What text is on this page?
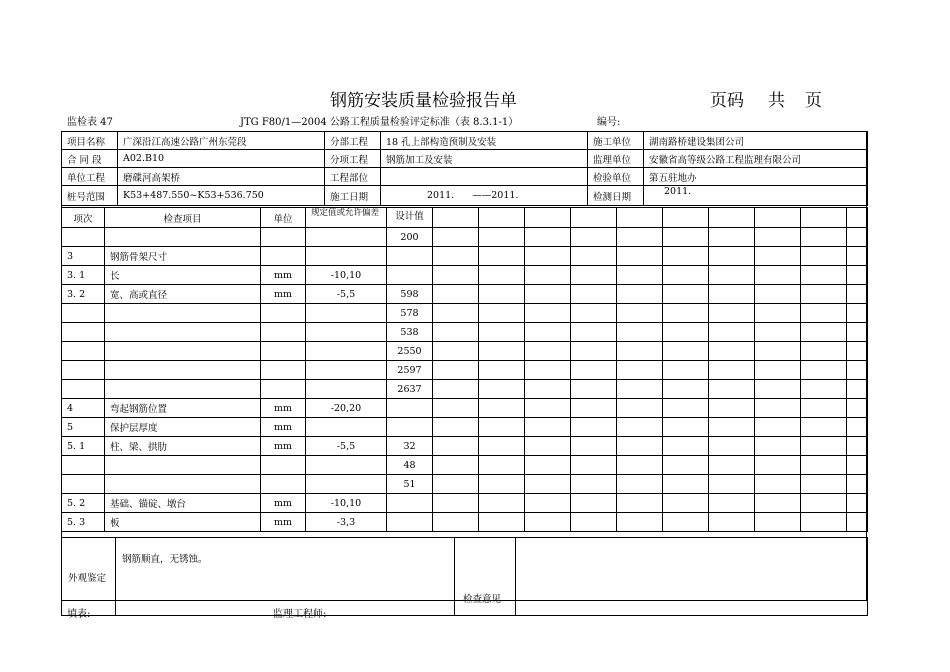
钢筋安装质量检验报告单	页码 共 页
监检表 47	JTG F80/1—2004 公路工程质量检验评定标准（表 8.3.1-1）	编号:
项目名称	广深沿江高速公路广州东莞段	分部工程	18 孔上部构造预制及安装	施工单位	湖南路桥建设集团公司
合 同 段	A02.B10	分项工程	钢筋加工及安装	监理单位	安徽省高等级公路工程监理有限公司
单位工程	磨碟河高架桥	工程部位		检验单位	第五驻地办
桩号范围	K53+487.550~K53+536.750	施工日期	2011. ——2011.	检测日期	2011.
项次	检查项目	单位	规定值或允许偏差	设计值										
				200										
3	钢筋骨架尺寸													
3. 1	长	mm	-10,10											
3. 2	宽、高或直径	mm	-5,5	598										
				578										
				538										
				2550										
				2597										
				2637										
4	弯起钢筋位置	mm	-20,20											
5	保护层厚度	mm												
5. 1	柱、梁、拱肋	mm	-5,5	32										
				48										
				51										
5. 2	基础、锚碇、墩台	mm	-10,10											
5. 3	板	mm	-3,3											
外观鉴定	钢筋顺直，无锈蚀。	检查意见	
填表:	监理工程师:
